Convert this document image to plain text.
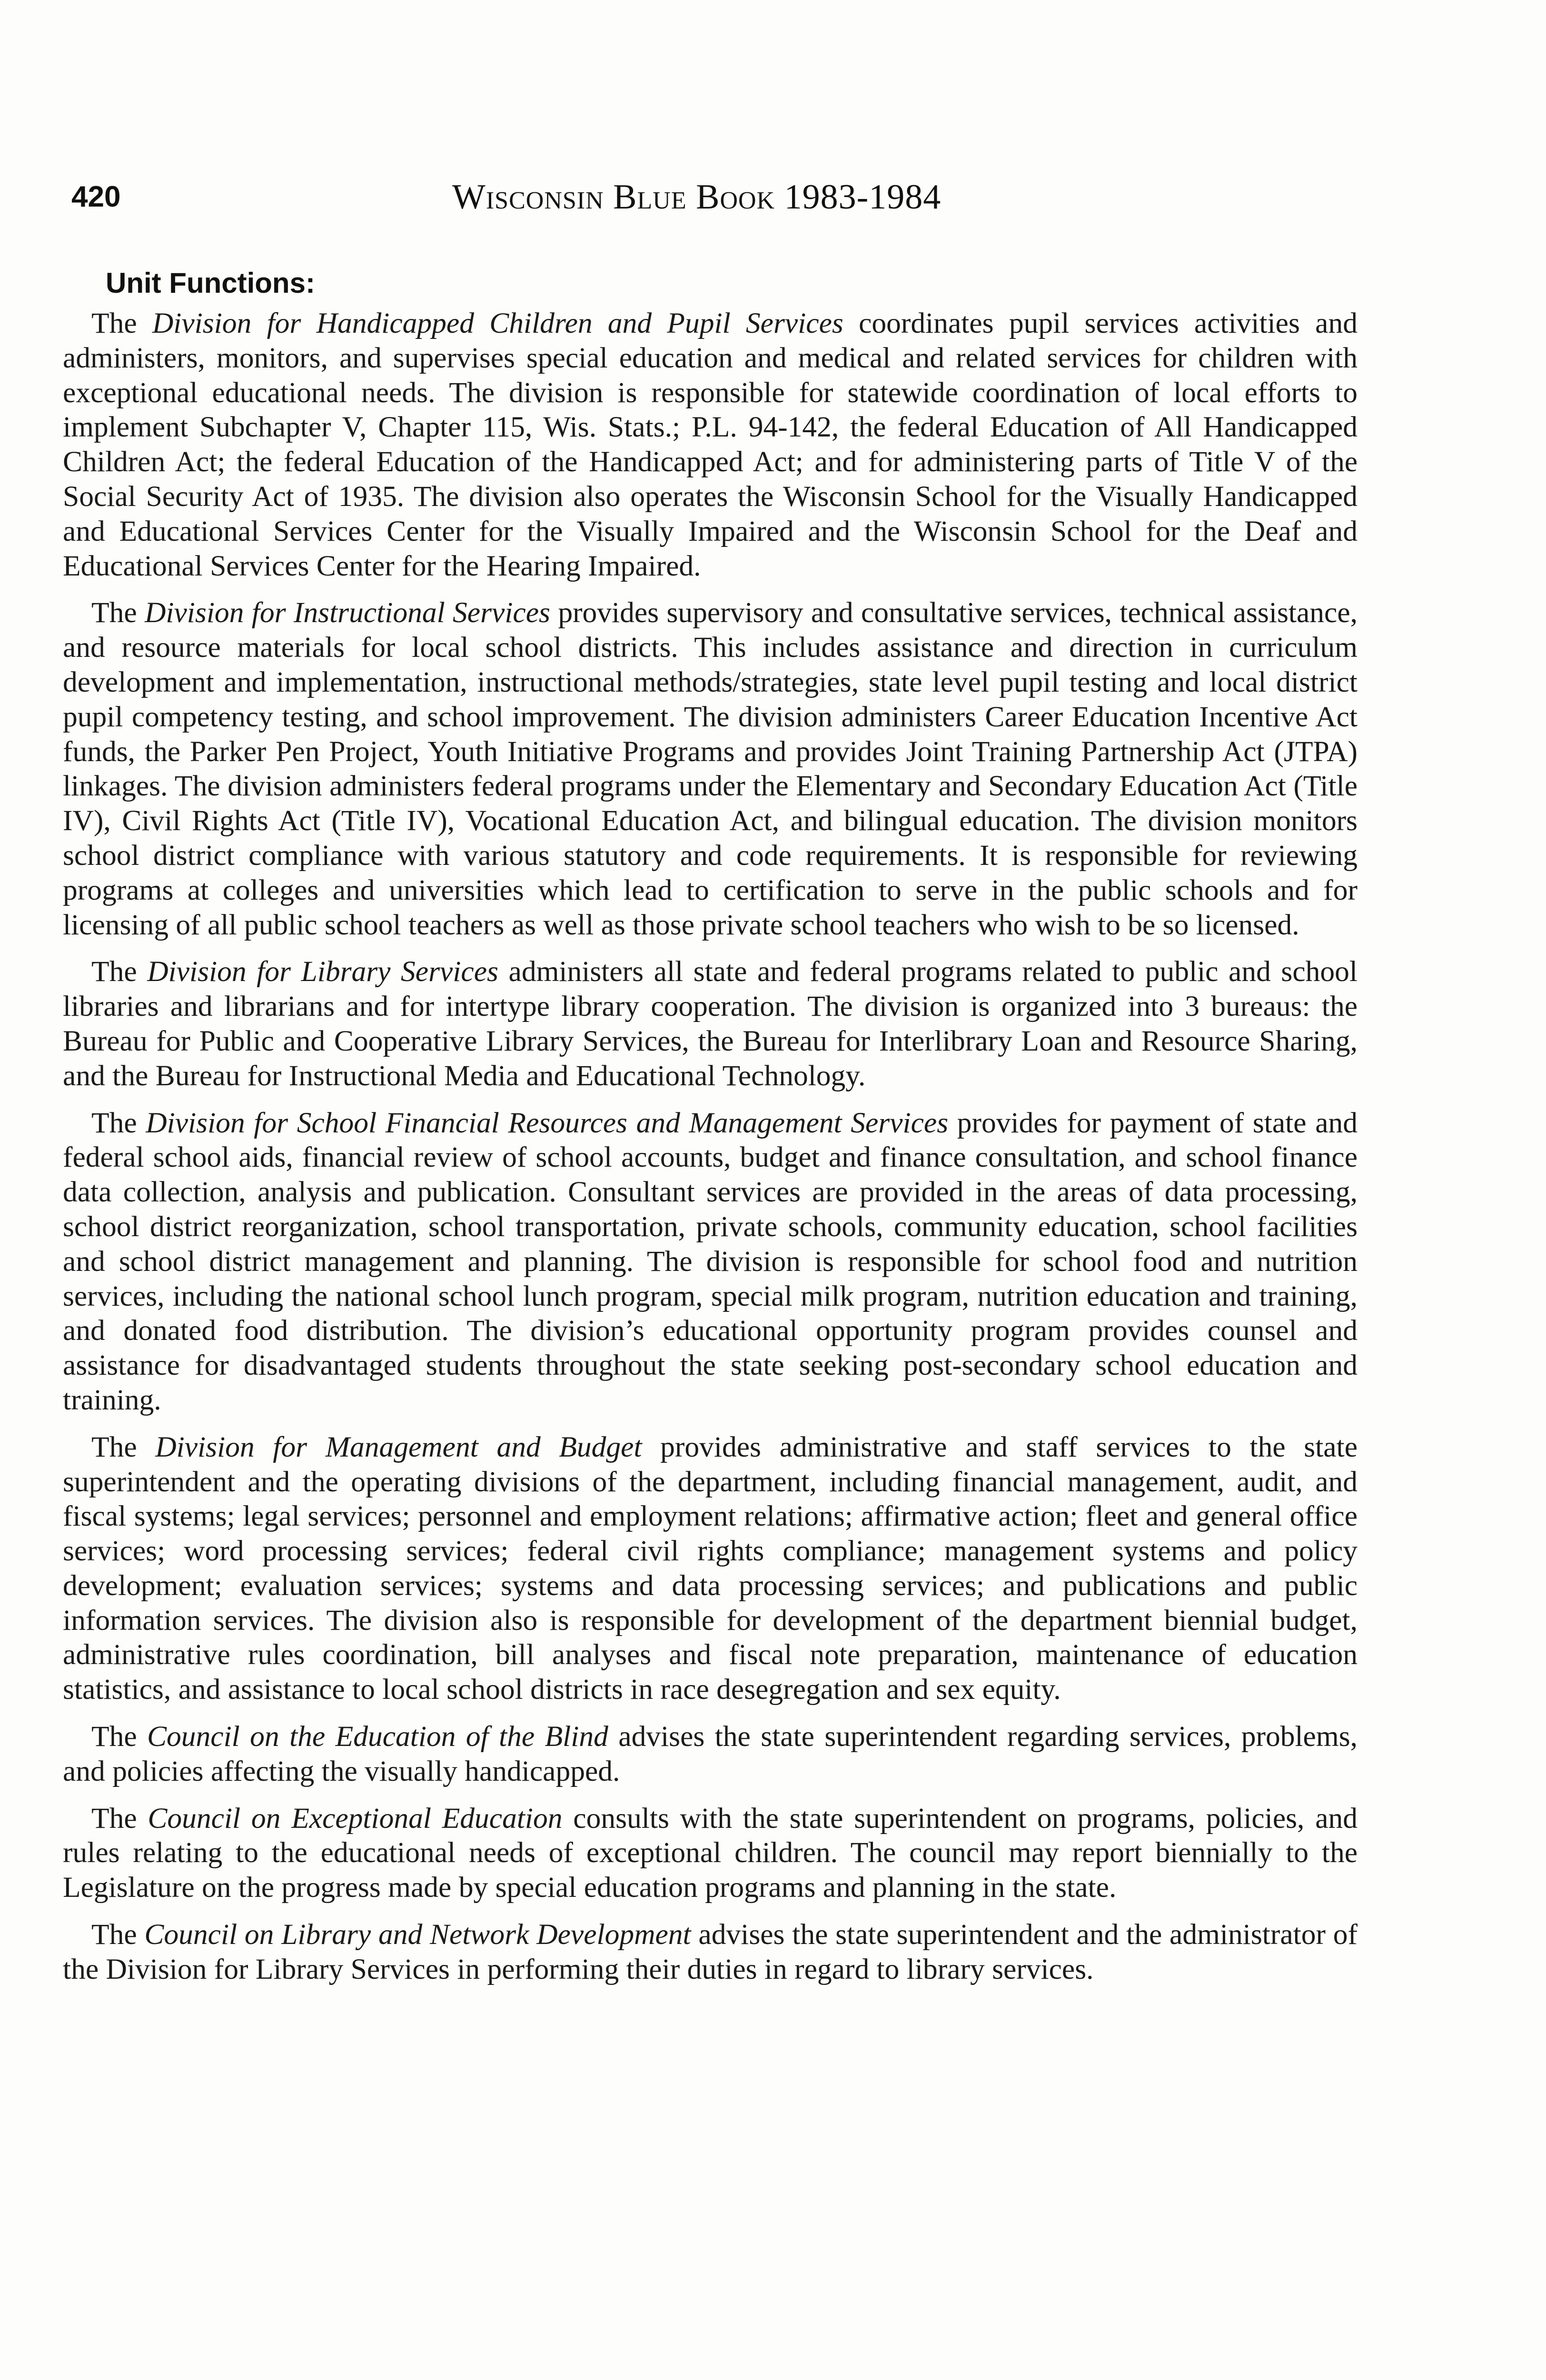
420	Wisconsin Blue Book 1983-1984
Unit Functions:

The Division for Handicapped Children and Pupil Services coordinates pupil services activities and administers, monitors, and supervises special education and medical and related services for children with exceptional educational needs. The division is responsible for statewide coordination of local efforts to implement Subchapter V, Chapter 115, Wis. Stats.; P.L. 94-142, the federal Education of All Handicapped Children Act; the federal Education of the Handicapped Act; and for administering parts of Title V of the Social Security Act of 1935. The division also operates the Wisconsin School for the Visually Handicapped and Educational Services Center for the Visually Impaired and the Wisconsin School for the Deaf and Educational Services Center for the Hearing Impaired.

The Division for Instructional Services provides supervisory and consultative services, technical assistance, and resource materials for local school districts. This includes assistance and direction in curriculum development and implementation, instructional methods/strategies, state level pupil testing and local district pupil competency testing, and school improvement. The division administers Career Education Incentive Act funds, the Parker Pen Project, Youth Initiative Programs and provides Joint Training Partnership Act (JTPA) linkages. The division administers federal programs under the Elementary and Secondary Education Act (Title IV), Civil Rights Act (Title IV), Vocational Education Act, and bilingual education. The division monitors school district compliance with various statutory and code requirements. It is responsible for reviewing programs at colleges and universities which lead to certification to serve in the public schools and for licensing of all public school teachers as well as those private school teachers who wish to be so licensed.

The Division for Library Services administers all state and federal programs related to public and school libraries and librarians and for intertype library cooperation. The division is organized into 3 bureaus: the Bureau for Public and Cooperative Library Services, the Bureau for Interlibrary Loan and Resource Sharing, and the Bureau for Instructional Media and Educational Technology.

The Division for School Financial Resources and Management Services provides for payment of state and federal school aids, financial review of school accounts, budget and finance consultation, and school finance data collection, analysis and publication. Consultant services are provided in the areas of data processing, school district reorganization, school transportation, private schools, community education, school facilities and school district management and planning. The division is responsible for school food and nutrition services, including the national school lunch program, special milk program, nutrition education and training, and donated food distribution. The division’s educational opportunity program provides counsel and assistance for disadvantaged students throughout the state seeking post-secondary school education and training.

The Division for Management and Budget provides administrative and staff services to the state superintendent and the operating divisions of the department, including financial management, audit, and fiscal systems; legal services; personnel and employment relations; affirmative action; fleet and general office services; word processing services; federal civil rights compliance; management systems and policy development; evaluation services; systems and data processing services; and publications and public information services. The division also is responsible for development of the department biennial budget, administrative rules coordination, bill analyses and fiscal note preparation, maintenance of education statistics, and assistance to local school districts in race desegregation and sex equity.

The Council on the Education of the Blind advises the state superintendent regarding services, problems, and policies affecting the visually handicapped.

The Council on Exceptional Education consults with the state superintendent on programs, policies, and rules relating to the educational needs of exceptional children. The council may report biennially to the Legislature on the progress made by special education programs and planning in the state.

The Council on Library and Network Development advises the state superintendent and the administrator of the Division for Library Services in performing their duties in regard to library services.
